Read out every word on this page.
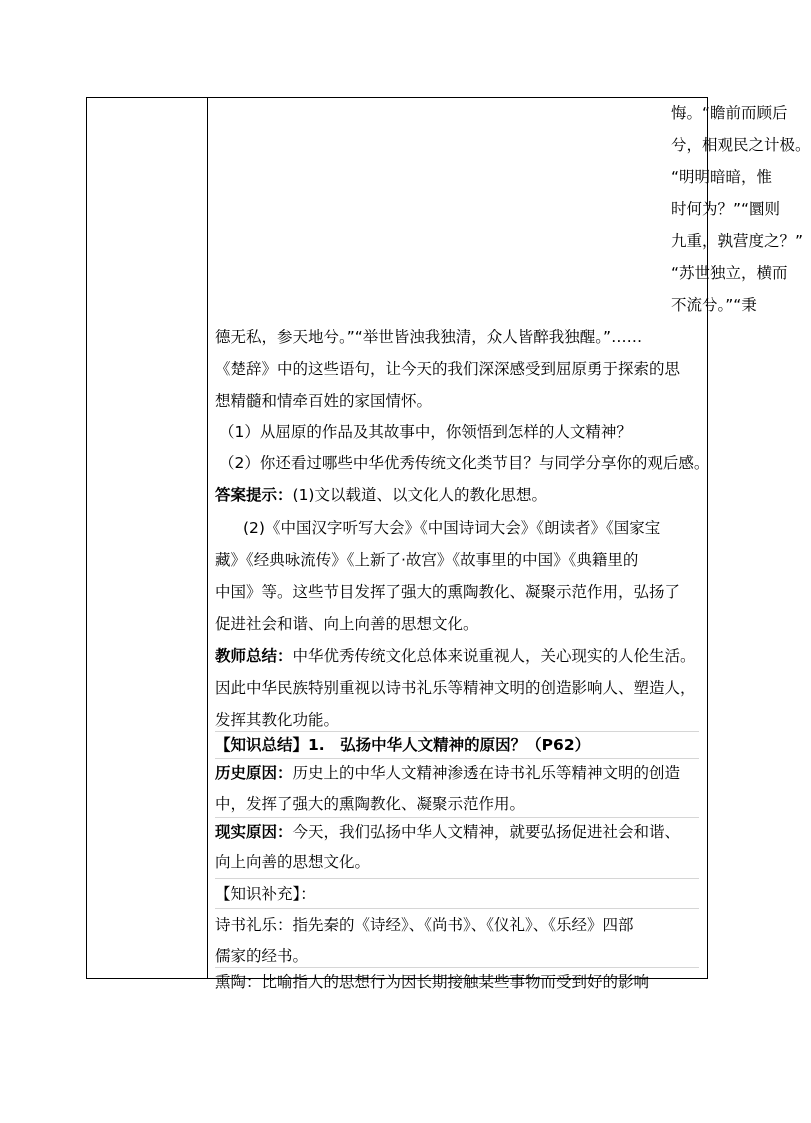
悔。“瞻前而顾后
兮，相观民之计极。
“明明暗暗，惟
时何为？”“圜则
九重，孰营度之？”
“苏世独立，横而
不流兮。”“秉
德无私，参天地兮。”“举世皆浊我独清，众人皆醉我独醒。”……
《楚辞》中的这些语句，让今天的我们深深感受到屈原勇于探索的思
想精髓和情牵百姓的家国情怀。
（1）从屈原的作品及其故事中，你领悟到怎样的人文精神？
（2）你还看过哪些中华优秀传统文化类节目？与同学分享你的观后感。
答案提示：(1)文以载道、以文化人的教化思想。
(2)《中国汉字听写大会》《中国诗词大会》《朗读者》《国家宝
藏》《经典咏流传》《上新了·故宫》《故事里的中国》《典籍里的
中国》等。这些节目发挥了强大的熏陶教化、凝聚示范作用，弘扬了
促进社会和谐、向上向善的思想文化。
教师总结：中华优秀传统文化总体来说重视人，关心现实的人伦生活。
因此中华民族特别重视以诗书礼乐等精神文明的创造影响人、塑造人，
发挥其教化功能。
【知识总结】1.　弘扬中华人文精神的原因？（P62）
历史原因：历史上的中华人文精神渗透在诗书礼乐等精神文明的创造
中，发挥了强大的熏陶教化、凝聚示范作用。
现实原因：今天，我们弘扬中华人文精神，就要弘扬促进社会和谐、
向上向善的思想文化。
【知识补充】：
诗书礼乐：指先秦的《诗经》、《尚书》、《仪礼》、《乐经》四部
儒家的经书。
熏陶：比喻指人的思想行为因长期接触某些事物而受到好的影响
